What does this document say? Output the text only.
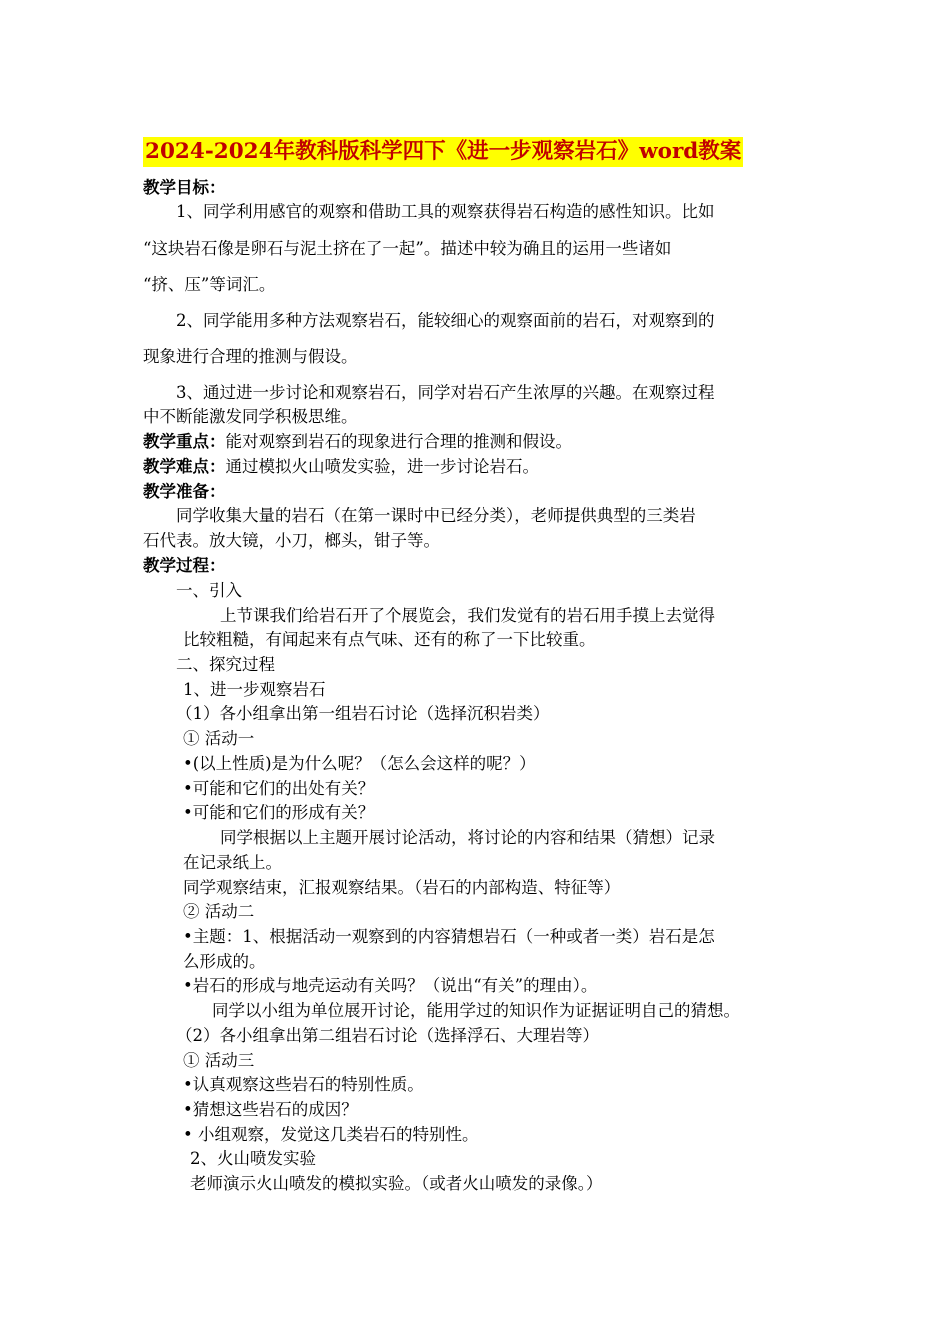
2024-2024年教科版科学四下《进一步观察岩石》word教案
教学目标：
1、同学利用感官的观察和借助工具的观察获得岩石构造的感性知识。比如
“这块岩石像是卵石与泥土挤在了一起”。描述中较为确且的运用一些诸如
“挤、压”等词汇。
2、同学能用多种方法观察岩石，能较细心的观察面前的岩石，对观察到的
现象进行合理的推测与假设。
3、通过进一步讨论和观察岩石，同学对岩石产生浓厚的兴趣。在观察过程
中不断能激发同学积极思维。
教学重点：能对观察到岩石的现象进行合理的推测和假设。
教学难点：通过模拟火山喷发实验，进一步讨论岩石。
教学准备：
同学收集大量的岩石（在第一课时中已经分类），老师提供典型的三类岩
石代表。放大镜，小刀，榔头，钳子等。
教学过程：
一、引入
上节课我们给岩石开了个展览会，我们发觉有的岩石用手摸上去觉得
比较粗糙，有闻起来有点气味、还有的称了一下比较重。
二、探究过程
1、进一步观察岩石
（1）各小组拿出第一组岩石讨论（选择沉积岩类）
① 活动一
•(以上性质)是为什么呢？（怎么会这样的呢？）
•可能和它们的出处有关？
•可能和它们的形成有关？
同学根据以上主题开展讨论活动，将讨论的内容和结果（猜想）记录
在记录纸上。
同学观察结束，汇报观察结果。（岩石的内部构造、特征等）
② 活动二
•主题：1、根据活动一观察到的内容猜想岩石（一种或者一类）岩石是怎
么形成的。
•岩石的形成与地壳运动有关吗？（说出“有关”的理由）。
同学以小组为单位展开讨论，能用学过的知识作为证据证明自己的猜想。
（2）各小组拿出第二组岩石讨论（选择浮石、大理岩等）
① 活动三
•认真观察这些岩石的特别性质。
•猜想这些岩石的成因？
• 小组观察，发觉这几类岩石的特别性。
2、火山喷发实验
老师演示火山喷发的模拟实验。（或者火山喷发的录像。）
